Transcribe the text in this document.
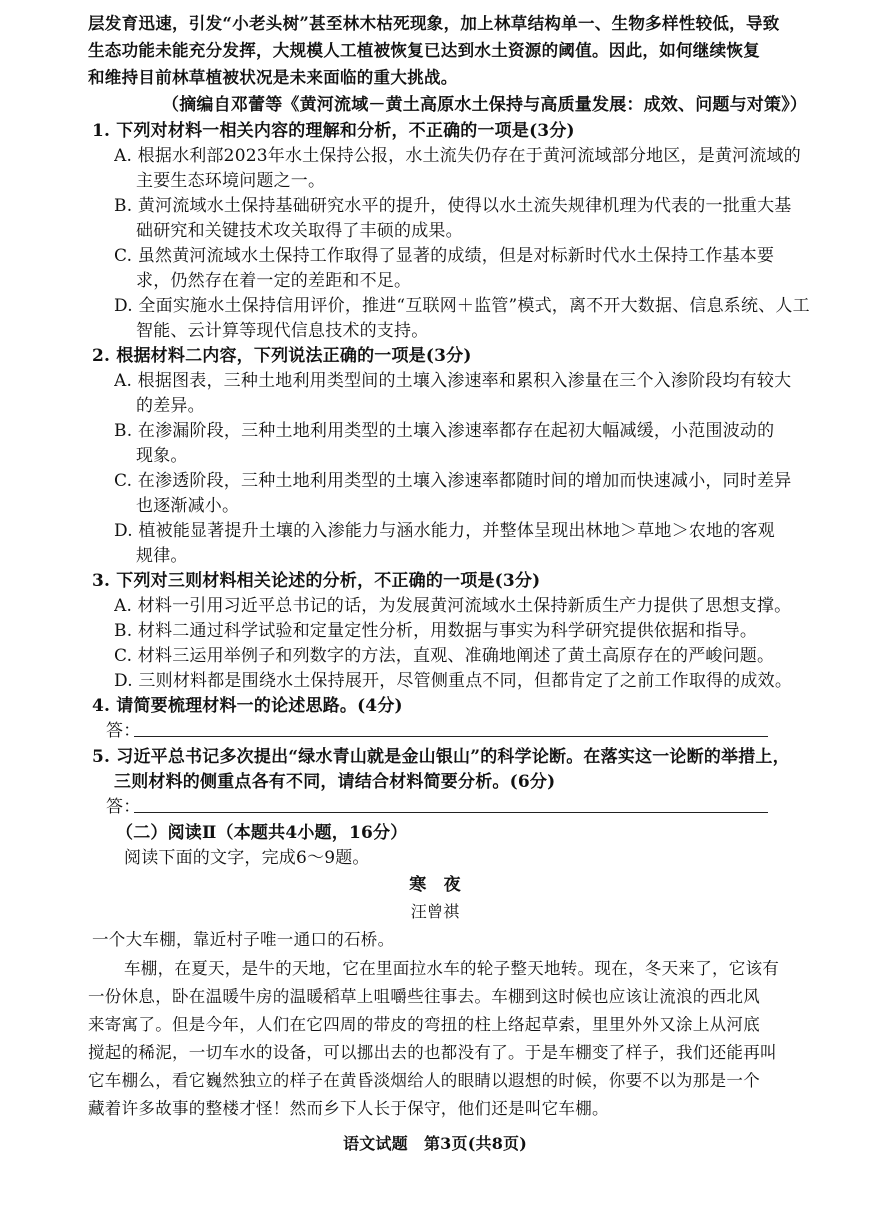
层发育迅速，引发“小老头树”甚至林木枯死现象，加上林草结构单一、生物多样性较低，导致

生态功能未能充分发挥，大规模人工植被恢复已达到水土资源的阈值。因此，如何继续恢复

和维持目前林草植被状况是未来面临的重大挑战。

（摘编自邓蕾等《黄河流域－黄土高原水土保持与高质量发展：成效、问题与对策》）

1. 下列对材料一相关内容的理解和分析，不正确的一项是(3分)

A. 根据水利部2023年水土保持公报，水土流失仍存在于黄河流域部分地区，是黄河流域的

主要生态环境问题之一。

B. 黄河流域水土保持基础研究水平的提升，使得以水土流失规律机理为代表的一批重大基

础研究和关键技术攻关取得了丰硕的成果。

C. 虽然黄河流域水土保持工作取得了显著的成绩，但是对标新时代水土保持工作基本要

求，仍然存在着一定的差距和不足。

D. 全面实施水土保持信用评价，推进“互联网＋监管”模式，离不开大数据、信息系统、人工

智能、云计算等现代信息技术的支持。

2. 根据材料二内容，下列说法正确的一项是(3分)

A. 根据图表，三种土地利用类型间的土壤入渗速率和累积入渗量在三个入渗阶段均有较大

的差异。

B. 在渗漏阶段，三种土地利用类型的土壤入渗速率都存在起初大幅减缓，小范围波动的

现象。

C. 在渗透阶段，三种土地利用类型的土壤入渗速率都随时间的增加而快速减小，同时差异

也逐渐减小。

D. 植被能显著提升土壤的入渗能力与涵水能力，并整体呈现出林地＞草地＞农地的客观

规律。

3. 下列对三则材料相关论述的分析，不正确的一项是(3分)

A. 材料一引用习近平总书记的话，为发展黄河流域水土保持新质生产力提供了思想支撑。

B. 材料二通过科学试验和定量定性分析，用数据与事实为科学研究提供依据和指导。

C. 材料三运用举例子和列数字的方法，直观、准确地阐述了黄土高原存在的严峻问题。

D. 三则材料都是围绕水土保持展开，尽管侧重点不同，但都肯定了之前工作取得的成效。

4. 请简要梳理材料一的论述思路。(4分)

答：

5. 习近平总书记多次提出“绿水青山就是金山银山”的科学论断。在落实这一论断的举措上，

三则材料的侧重点各有不同，请结合材料简要分析。(6分)

答：

（二）阅读Ⅱ（本题共4小题，16分）

阅读下面的文字，完成6～9题。

寒　夜

汪曾祺

一个大车棚，靠近村子唯一通口的石桥。

车棚，在夏天，是牛的天地，它在里面拉水车的轮子整天地转。现在，冬天来了，它该有

一份休息，卧在温暖牛房的温暖稻草上咀嚼些往事去。车棚到这时候也应该让流浪的西北风

来寄寓了。但是今年，人们在它四周的带皮的弯扭的柱上络起草索，里里外外又涂上从河底

搅起的稀泥，一切车水的设备，可以挪出去的也都没有了。于是车棚变了样子，我们还能再叫

它车棚么，看它巍然独立的样子在黄昏淡烟给人的眼睛以遐想的时候，你要不以为那是一个

藏着许多故事的整楼才怪！然而乡下人长于保守，他们还是叫它车棚。

语文试题　第3页(共8页)
